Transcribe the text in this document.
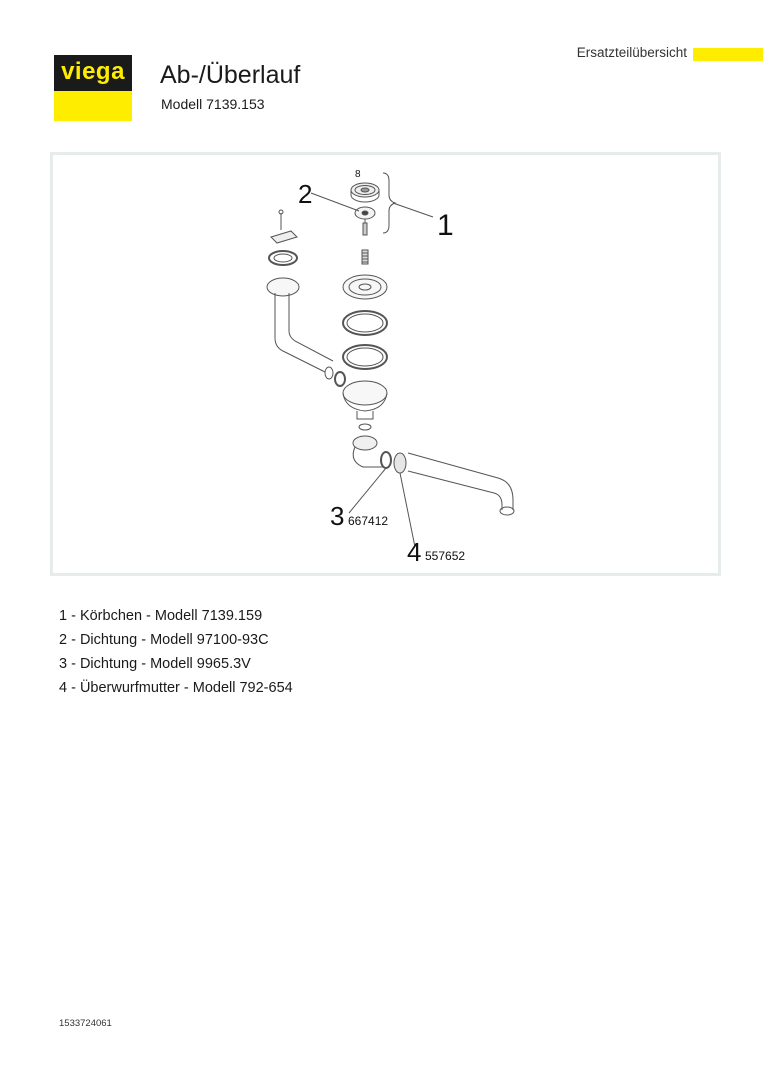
viega Ab-/Überlauf
Modell 7139.153
Ersatzteilübersicht
8
2
1
3 667412
4 557652
1 - Körbchen - Modell 7139.159
2 - Dichtung - Modell 97100-93C
3 - Dichtung - Modell 9965.3V
4 - Überwurfmutter - Modell 792-654
1533724061
